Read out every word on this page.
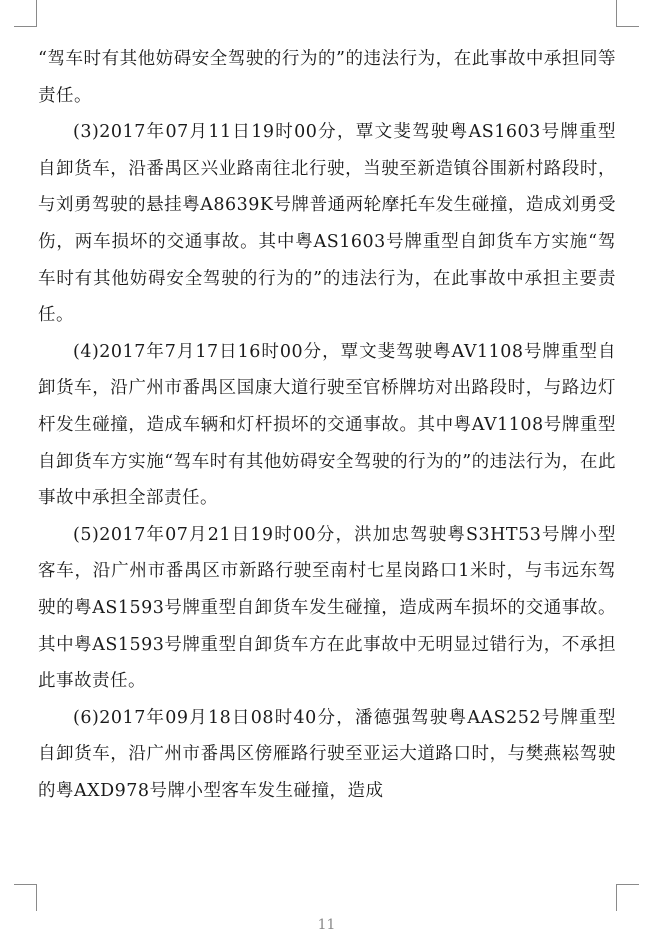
“驾车时有其他妨碍安全驾驶的行为的”的违法行为，在此事故中承担同等责任。

(3)2017年07月11日19时00分，覃文斐驾驶粤AS1603号牌重型自卸货车，沿番禺区兴业路南往北行驶，当驶至新造镇谷围新村路段时，与刘勇驾驶的悬挂粤A8639K号牌普通两轮摩托车发生碰撞，造成刘勇受伤，两车损坏的交通事故。其中粤AS1603号牌重型自卸货车方实施“驾车时有其他妨碍安全驾驶的行为的”的违法行为，在此事故中承担主要责任。

(4)2017年7月17日16时00分，覃文斐驾驶粤AV1108号牌重型自卸货车，沿广州市番禺区国康大道行驶至官桥牌坊对出路段时，与路边灯杆发生碰撞，造成车辆和灯杆损坏的交通事故。其中粤AV1108号牌重型自卸货车方实施“驾车时有其他妨碍安全驾驶的行为的”的违法行为，在此事故中承担全部责任。

(5)2017年07月21日19时00分，洪加忠驾驶粤S3HT53号牌小型客车，沿广州市番禺区市新路行驶至南村七星岗路口1米时，与韦远东驾驶的粤AS1593号牌重型自卸货车发生碰撞，造成两车损坏的交通事故。其中粤AS1593号牌重型自卸货车方在此事故中无明显过错行为，不承担此事故责任。

(6)2017年09月18日08时40分，潘德强驾驶粤AAS252号牌重型自卸货车，沿广州市番禺区傍雁路行驶至亚运大道路口时，与樊燕崧驾驶的粤AXD978号牌小型客车发生碰撞，造成

11
